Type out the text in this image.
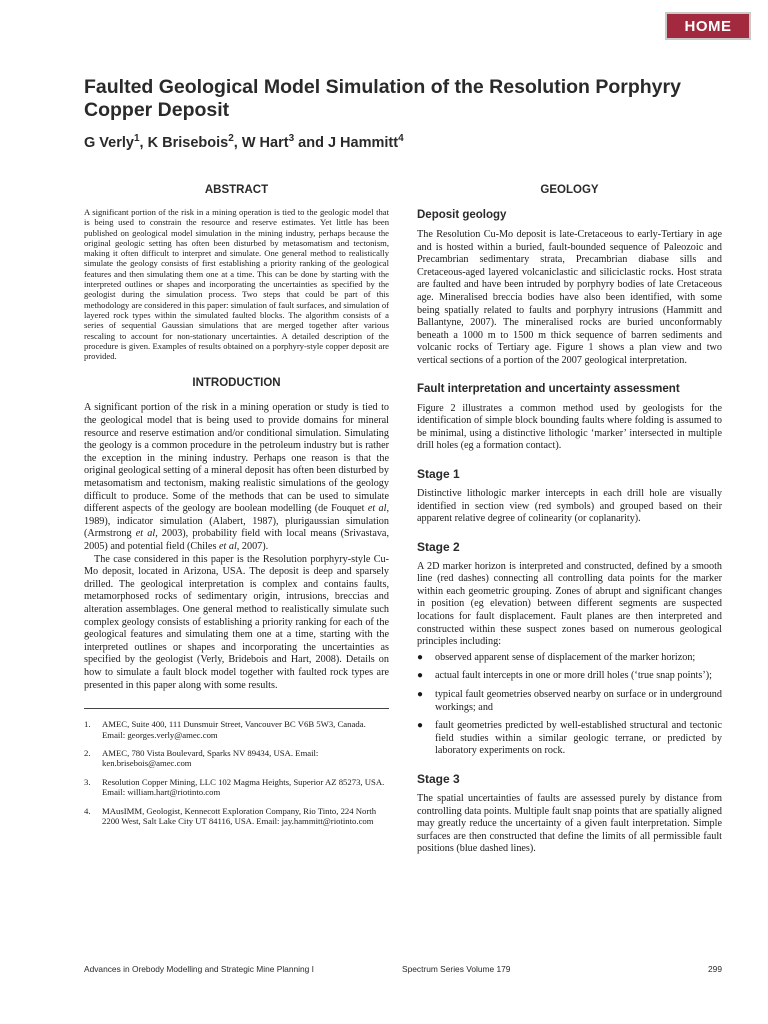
HOME
Faulted Geological Model Simulation of the Resolution Porphyry Copper Deposit
G Verly$^1$, K Brisebois$^2$, W Hart$^3$ and J Hammitt$^4$
ABSTRACT

A significant portion of the risk in a mining operation is tied to the geologic model that is being used to constrain the resource and reserve estimates. Yet little has been published on geological model simulation in the mining industry, perhaps because the original geologic setting has often been disturbed by metasomatism and tectonism, making it often difficult to interpret and simulate. One general method to realistically simulate the geology consists of first establishing a priority ranking of the geological features and then simulating them one at a time. This can be done by starting with the interpreted outlines or shapes and incorporating the uncertainties as specified by the geologist during the simulation process. Two steps that could be part of this methodology are considered in this paper: simulation of fault surfaces, and simulation of layered rock types within the simulated faulted blocks. The algorithm consists of a series of sequential Gaussian simulations that are merged together after various rescaling to account for non-stationary uncertainties. A detailed description of the procedure is given. Examples of results obtained on a porphyry-style copper deposit are provided.

INTRODUCTION

A significant portion of the risk in a mining operation or study is tied to the geological model that is being used to provide domains for mineral resource and reserve estimation and/or conditional simulation. Simulating the geology is a common procedure in the petroleum industry but is rather the exception in the mining industry. Perhaps one reason is that the original geological setting of a mineral deposit has often been disturbed by metasomatism and tectonism, making realistic simulations of the geology difficult to produce. Some of the methods that can be used to simulate different aspects of the geology are boolean modelling (de Fouquet et al, 1989), indicator simulation (Alabert, 1987), plurigaussian simulation (Armstrong et al, 2003), probability field with local means (Srivastava, 2005) and potential field (Chiles et al, 2007).

The case considered in this paper is the Resolution porphyry-style Cu-Mo deposit, located in Arizona, USA. The deposit is deep and sparsely drilled. The geological interpretation is complex and contains faults, metamorphosed rocks of sedimentary origin, intrusions, breccias and alteration assemblages. One general method to realistically simulate such complex geology consists of establishing a priority ranking for each of the geological features and simulating them one at a time, starting with the interpreted outlines or shapes and incorporating the uncertainties as specified by the geologist (Verly, Bridebois and Hart, 2008). Details on how to simulate a fault block model together with faulted rock types are presented in this paper along with some results.

1. AMEC, Suite 400, 111 Dunsmuir Street, Vancouver BC V6B 5W3, Canada. Email: georges.verly@amec.com
2. AMEC, 780 Vista Boulevard, Sparks NV 89434, USA. Email: ken.brisebois@amec.com
3. Resolution Copper Mining, LLC 102 Magma Heights, Superior AZ 85273, USA. Email: william.hart@riotinto.com
4. MAusIMM, Geologist, Kennecott Exploration Company, Rio Tinto, 224 North 2200 West, Salt Lake City UT 84116, USA. Email: jay.hammitt@riotinto.com
GEOLOGY
Deposit geology

The Resolution Cu-Mo deposit is late-Cretaceous to early-Tertiary in age and is hosted within a buried, fault-bounded sequence of Paleozoic and Precambrian sedimentary strata, Precambrian diabase sills and Cretaceous-aged layered volcaniclastic and siliciclastic rocks. Host strata are faulted and have been intruded by porphyry bodies of late Cretaceous age. Mineralised breccia bodies have also been identified, with some being spatially related to faults and porphyry intrusions (Hammitt and Ballantyne, 2007). The mineralised rocks are buried unconformably beneath a 1000 m to 1500 m thick sequence of barren sediments and volcanic rocks of Tertiary age. Figure 1 shows a plan view and two vertical sections of a portion of the 2007 geological interpretation.

Fault interpretation and uncertainty assessment

Figure 2 illustrates a common method used by geologists for the identification of simple block bounding faults where folding is assumed to be minimal, using a distinctive lithologic ‘marker’ intersected in multiple drill holes (eg a formation contact).

Stage 1

Distinctive lithologic marker intercepts in each drill hole are visually identified in section view (red symbols) and grouped based on their apparent relative degree of colinearity (or coplanarity).

Stage 2

A 2D marker horizon is interpreted and constructed, defined by a smooth line (red dashes) connecting all controlling data points for the marker within each geometric grouping. Zones of abrupt and significant changes in position (eg elevation) between different segments are suspected locations for fault displacement. Fault planes are then interpreted and constructed within these suspect zones based on numerous geological principles including:

● observed apparent sense of displacement of the marker horizon;
● actual fault intercepts in one or more drill holes (‘true snap points’);
● typical fault geometries observed nearby on surface or in underground workings; and
● fault geometries predicted by well-established structural and tectonic field studies within a similar geologic terrane, or predicted by laboratory experiments on rock.
Stage 3

The spatial uncertainties of faults are assessed purely by distance from controlling data points. Multiple fault snap points that are spatially aligned may greatly reduce the uncertainty of a given fault interpretation. Simple surfaces are then constructed that define the limits of all permissible fault positions (blue dashed lines).

Advances in Orebody Modelling and Strategic Mine Planning I	Spectrum Series Volume 179	299
